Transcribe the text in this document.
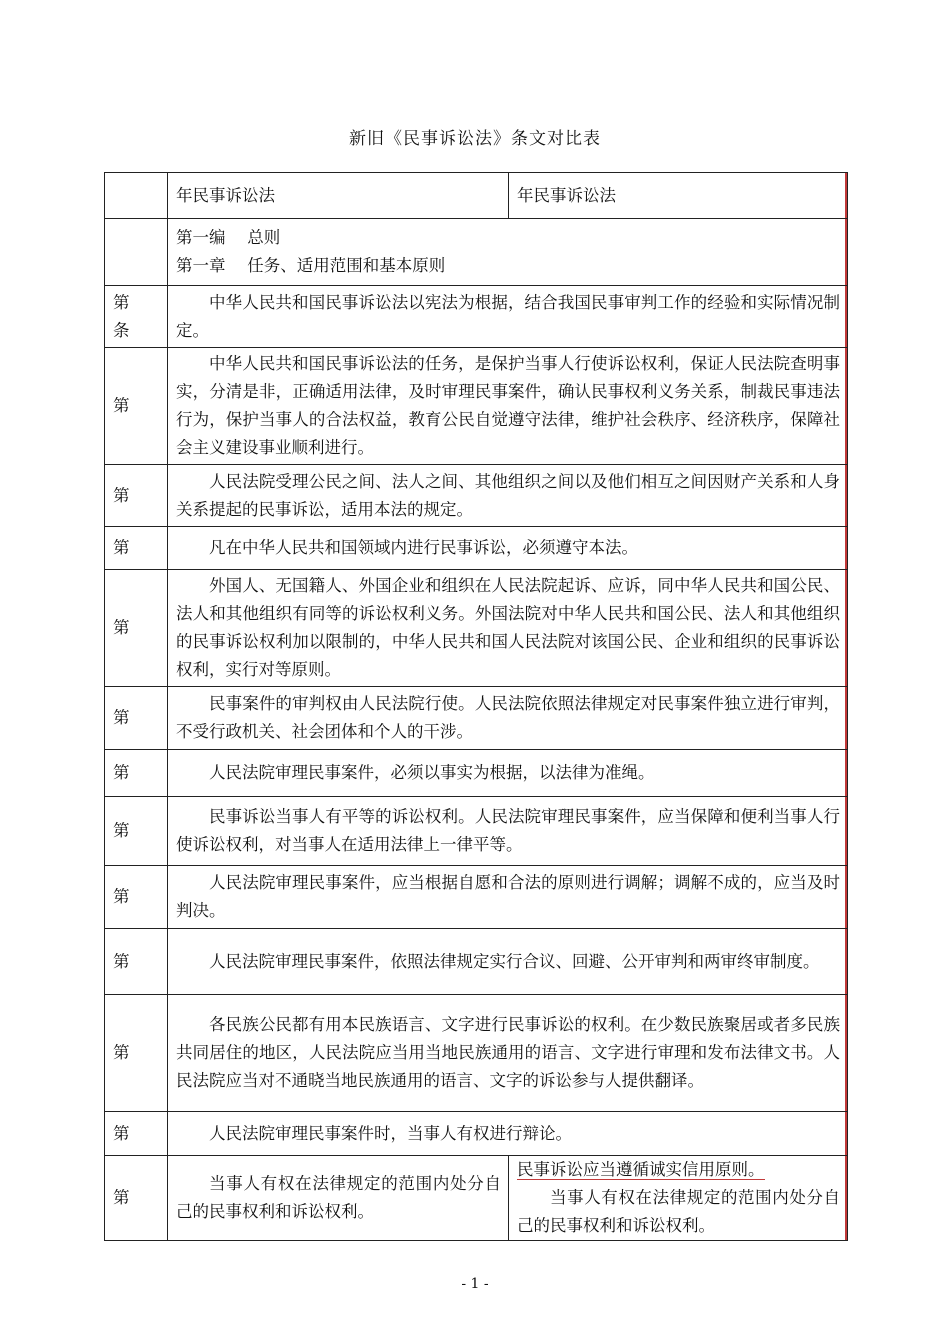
新旧《民事诉讼法》条文对比表
	年民事诉讼法	年民事诉讼法

	第一编　 总则
第一章　 任务、适用范围和基本原则	

第　条	中华人民共和国民事诉讼法以宪法为根据，结合我国民事审判工作的经验和实际情况制定。	
第	中华人民共和国民事诉讼法的任务，是保护当事人行使诉讼权利，保证人民法院查明事实，分清是非，正确适用法律，及时审理民事案件，确认民事权利义务关系，制裁民事违法行为，保护当事人的合法权益，教育公民自觉遵守法律，维护社会秩序、经济秩序，保障社会主义建设事业顺利进行。	
第	人民法院受理公民之间、法人之间、其他组织之间以及他们相互之间因财产关系和人身关系提起的民事诉讼，适用本法的规定。	
第	凡在中华人民共和国领域内进行民事诉讼，必须遵守本法。	
第	外国人、无国籍人、外国企业和组织在人民法院起诉、应诉，同中华人民共和国公民、法人和其他组织有同等的诉讼权利义务。外国法院对中华人民共和国公民、法人和其他组织的民事诉讼权利加以限制的，中华人民共和国人民法院对该国公民、企业和组织的民事诉讼权利，实行对等原则。	
第	民事案件的审判权由人民法院行使。人民法院依照法律规定对民事案件独立进行审判，不受行政机关、社会团体和个人的干涉。	
第	人民法院审理民事案件，必须以事实为根据，以法律为准绳。	
第	民事诉讼当事人有平等的诉讼权利。人民法院审理民事案件，应当保障和便利当事人行使诉讼权利，对当事人在适用法律上一律平等。	
第	人民法院审理民事案件，应当根据自愿和合法的原则进行调解；调解不成的，应当及时判决。	
第	人民法院审理民事案件，依照法律规定实行合议、回避、公开审判和两审终审制度。	
第	各民族公民都有用本民族语言、文字进行民事诉讼的权利。在少数民族聚居或者多民族共同居住的地区，人民法院应当用当地民族通用的语言、文字进行审理和发布法律文书。人民法院应当对不通晓当地民族通用的语言、文字的诉讼参与人提供翻译。	
第	人民法院审理民事案件时，当事人有权进行辩论。	
第	当事人有权在法律规定的范围内处分自己的民事权利和诉讼权利。	民事诉讼应当遵循诚实信用原则。
当事人有权在法律规定的范围内处分自己的民事权利和诉讼权利。
- 1 -
